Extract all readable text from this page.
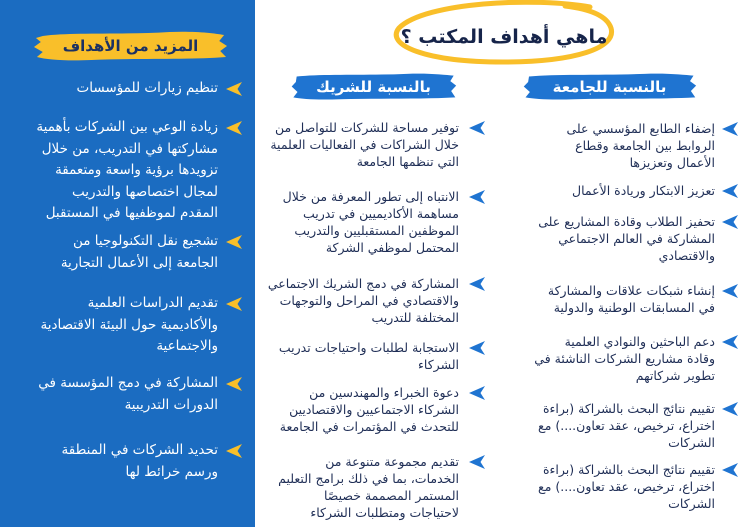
المزيد من الأهداف
تنظيم زيارات للمؤسسات
زيادة الوعي بين الشركات بأهمية
مشاركتها في التدريب، من خلال
تزويدها برؤية واسعة ومتعمقة
لمجال اختصاصها والتدريب
المقدم لموظفيها في المستقبل
تشجيع نقل التكنولوجيا من
الجامعة إلى الأعمال التجارية
تقديم الدراسات العلمية
والأكاديمية حول البيئة الاقتصادية
والاجتماعية
المشاركة في دمج المؤسسة في
الدورات التدريبية
تحديد الشركات في المنطقة
ورسم خرائط لها
ماهي أهداف المكتب ؟
بالنسبة للشريك	بالنسبة للجامعة
إضفاء الطابع المؤسسي على
الروابط بين الجامعة وقطاع
الأعمال وتعزيزها
تعزيز الابتكار وريادة الأعمال
تحفيز الطلاب وقادة المشاريع على
المشاركة في العالم الاجتماعي
والاقتصادي
إنشاء شبكات علاقات والمشاركة
في المسابقات الوطنية والدولية
دعم الباحثين والنوادي العلمية
وقادة مشاريع الشركات الناشئة في
تطوير شركاتهم
تقييم نتائج البحث بالشراكة (براءة
اختراع، ترخيص، عقد تعاون....) مع
الشركات
تقييم نتائج البحث بالشراكة (براءة
اختراع، ترخيص، عقد تعاون....) مع
الشركات
توفير مساحة للشركات للتواصل من
خلال الشراكات في الفعاليات العلمية
التي تنظمها الجامعة
الانتباه إلى تطور المعرفة من خلال
مساهمة الأكاديميين في تدريب
الموظفين المستقبليين والتدريب
المحتمل لموظفي الشركة
المشاركة في دمج الشريك الاجتماعي
والاقتصادي في المراحل والتوجهات
المختلفة للتدريب
الاستجابة لطلبات واحتياجات تدريب
الشركاء
دعوة الخبراء والمهندسين من
الشركاء الاجتماعيين والاقتصاديين
للتحدث في المؤتمرات في الجامعة
تقديم مجموعة متنوعة من
الخدمات، بما في ذلك برامج التعليم
المستمر المصممة خصيصًا
لاحتياجات ومتطلبات الشركاء
